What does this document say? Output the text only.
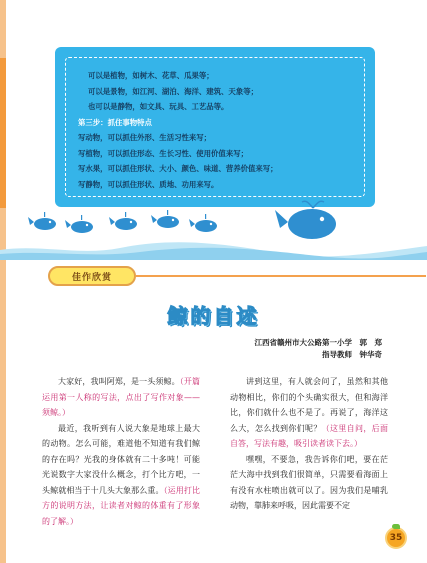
可以是植物，如树木、花草、瓜果等；
可以是景物，如江河、湖泊、海洋、建筑、天象等；
也可以是静物，如文具、玩具、工艺品等。
第三步：抓住事物特点
写动物，可以抓住外形、生活习性来写；
写植物，可以抓住形态、生长习性、使用价值来写；
写水果，可以抓住形状、大小、颜色、味道、营养价值来写；
写静物，可以抓住形状、质地、功用来写。
佳作欣赏
鲸的自述
江西省赣州市大公路第一小学　郭　郑
指导教师　钟华奇

大家好，我叫阿郑，是一头须鲸。（开篇运用第一人称的写法，点出了写作对象——须鲸。）

最近，我听到有人说大象是地球上最大的动物。怎么可能，难道他不知道有我们鲸的存在吗？光我的身体就有二十多吨！可能光说数字大家没什么概念，打个比方吧，一头鲸就相当于十几头大象那么重。（运用打比方的说明方法，让读者对鲸的体重有了形象的了解。）

讲到这里，有人就会问了，虽然和其他动物相比，你们的个头确实很大，但和海洋比，你们就什么也不是了。再说了，海洋这么大，怎么找到你们呢？（这里自问，后面自答，写法有趣，吸引读者读下去。）

嘿嘿，不要急，我告诉你们吧，要在茫茫大海中找到我们很简单，只需要看海面上有没有水柱喷出就可以了。因为我们是哺乳动物，靠肺来呼吸，因此需要不定

35
